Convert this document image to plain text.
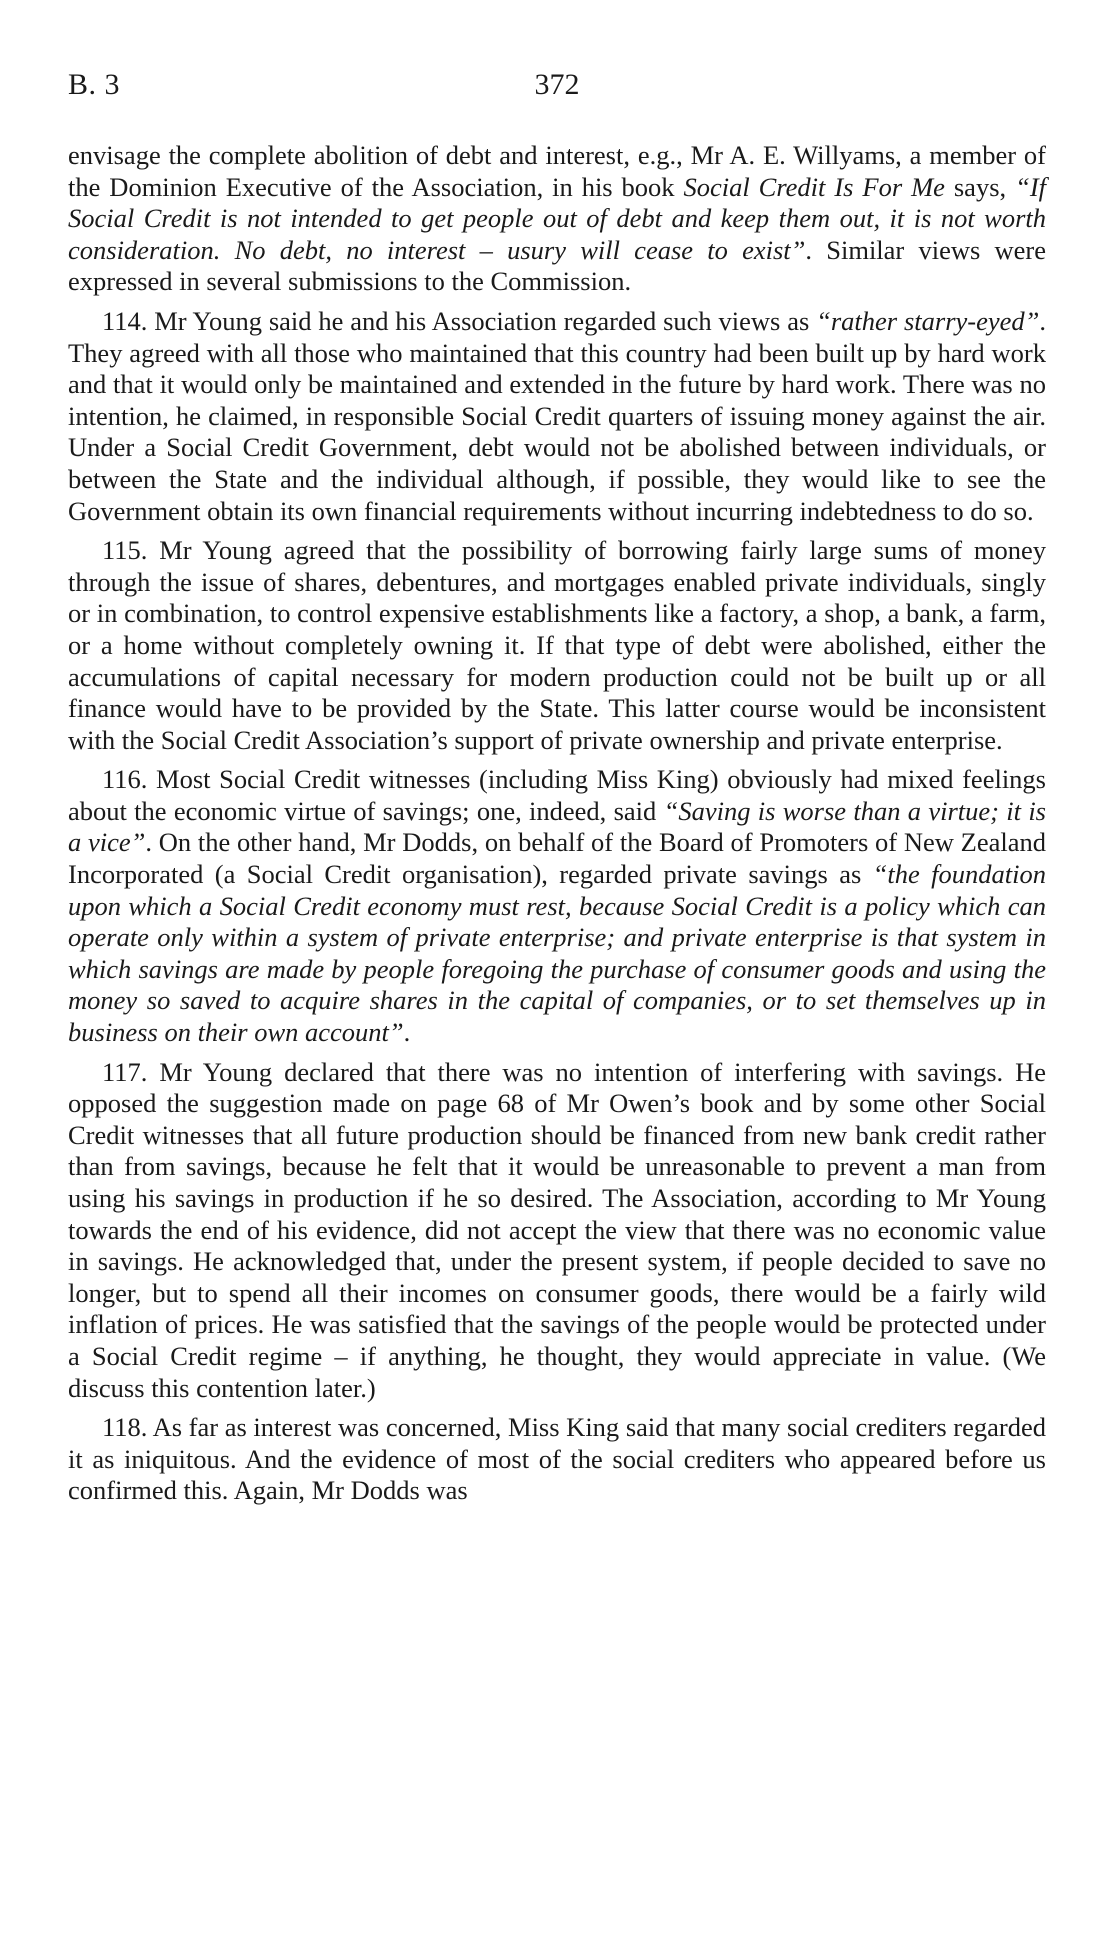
B. 3	372

envisage the complete abolition of debt and interest, e.g., Mr A. E. Willyams, a member of the Dominion Executive of the Association, in his book Social Credit Is For Me says, “If Social Credit is not intended to get people out of debt and keep them out, it is not worth consideration. No debt, no interest – usury will cease to exist”. Similar views were expressed in several submissions to the Commission.

114. Mr Young said he and his Association regarded such views as “rather starry-eyed”. They agreed with all those who maintained that this country had been built up by hard work and that it would only be maintained and extended in the future by hard work. There was no intention, he claimed, in responsible Social Credit quarters of issuing money against the air. Under a Social Credit Government, debt would not be abolished between individuals, or between the State and the individual although, if possible, they would like to see the Government obtain its own financial requirements without incurring indebtedness to do so.

115. Mr Young agreed that the possibility of borrowing fairly large sums of money through the issue of shares, debentures, and mortgages enabled private individuals, singly or in combination, to control expensive establishments like a factory, a shop, a bank, a farm, or a home without completely owning it. If that type of debt were abolished, either the accumulations of capital necessary for modern production could not be built up or all finance would have to be provided by the State. This latter course would be inconsistent with the Social Credit Association’s support of private ownership and private enterprise.

116. Most Social Credit witnesses (including Miss King) obviously had mixed feelings about the economic virtue of savings; one, indeed, said “Saving is worse than a virtue; it is a vice”. On the other hand, Mr Dodds, on behalf of the Board of Promoters of New Zealand Incorporated (a Social Credit organisation), regarded private savings as “the foundation upon which a Social Credit economy must rest, because Social Credit is a policy which can operate only within a system of private enterprise; and private enterprise is that system in which savings are made by people foregoing the purchase of consumer goods and using the money so saved to acquire shares in the capital of companies, or to set themselves up in business on their own account”.

117. Mr Young declared that there was no intention of interfering with savings. He opposed the suggestion made on page 68 of Mr Owen’s book and by some other Social Credit witnesses that all future production should be financed from new bank credit rather than from savings, because he felt that it would be unreasonable to prevent a man from using his savings in production if he so desired. The Association, according to Mr Young towards the end of his evidence, did not accept the view that there was no economic value in savings. He acknowledged that, under the present system, if people decided to save no longer, but to spend all their incomes on consumer goods, there would be a fairly wild inflation of prices. He was satisfied that the savings of the people would be protected under a Social Credit regime – if anything, he thought, they would appreciate in value. (We discuss this contention later.)

118. As far as interest was concerned, Miss King said that many social crediters regarded it as iniquitous. And the evidence of most of the social crediters who appeared before us confirmed this. Again, Mr Dodds was
